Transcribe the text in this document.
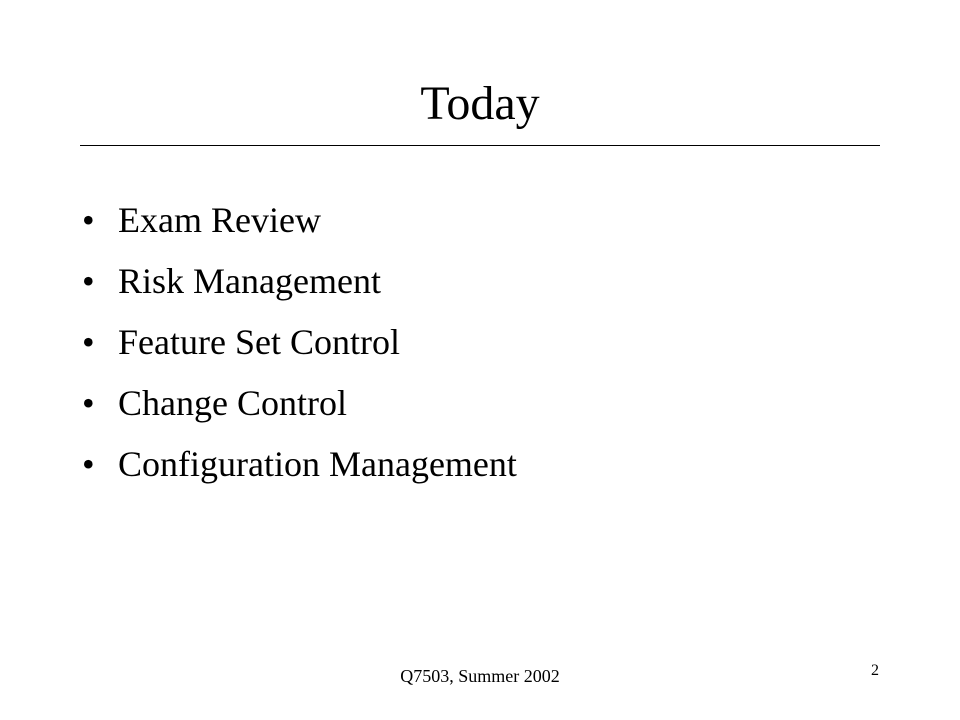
Today
• Exam Review
• Risk Management
• Feature Set Control
• Change Control
• Configuration Management
Q7503, Summer 2002	2
